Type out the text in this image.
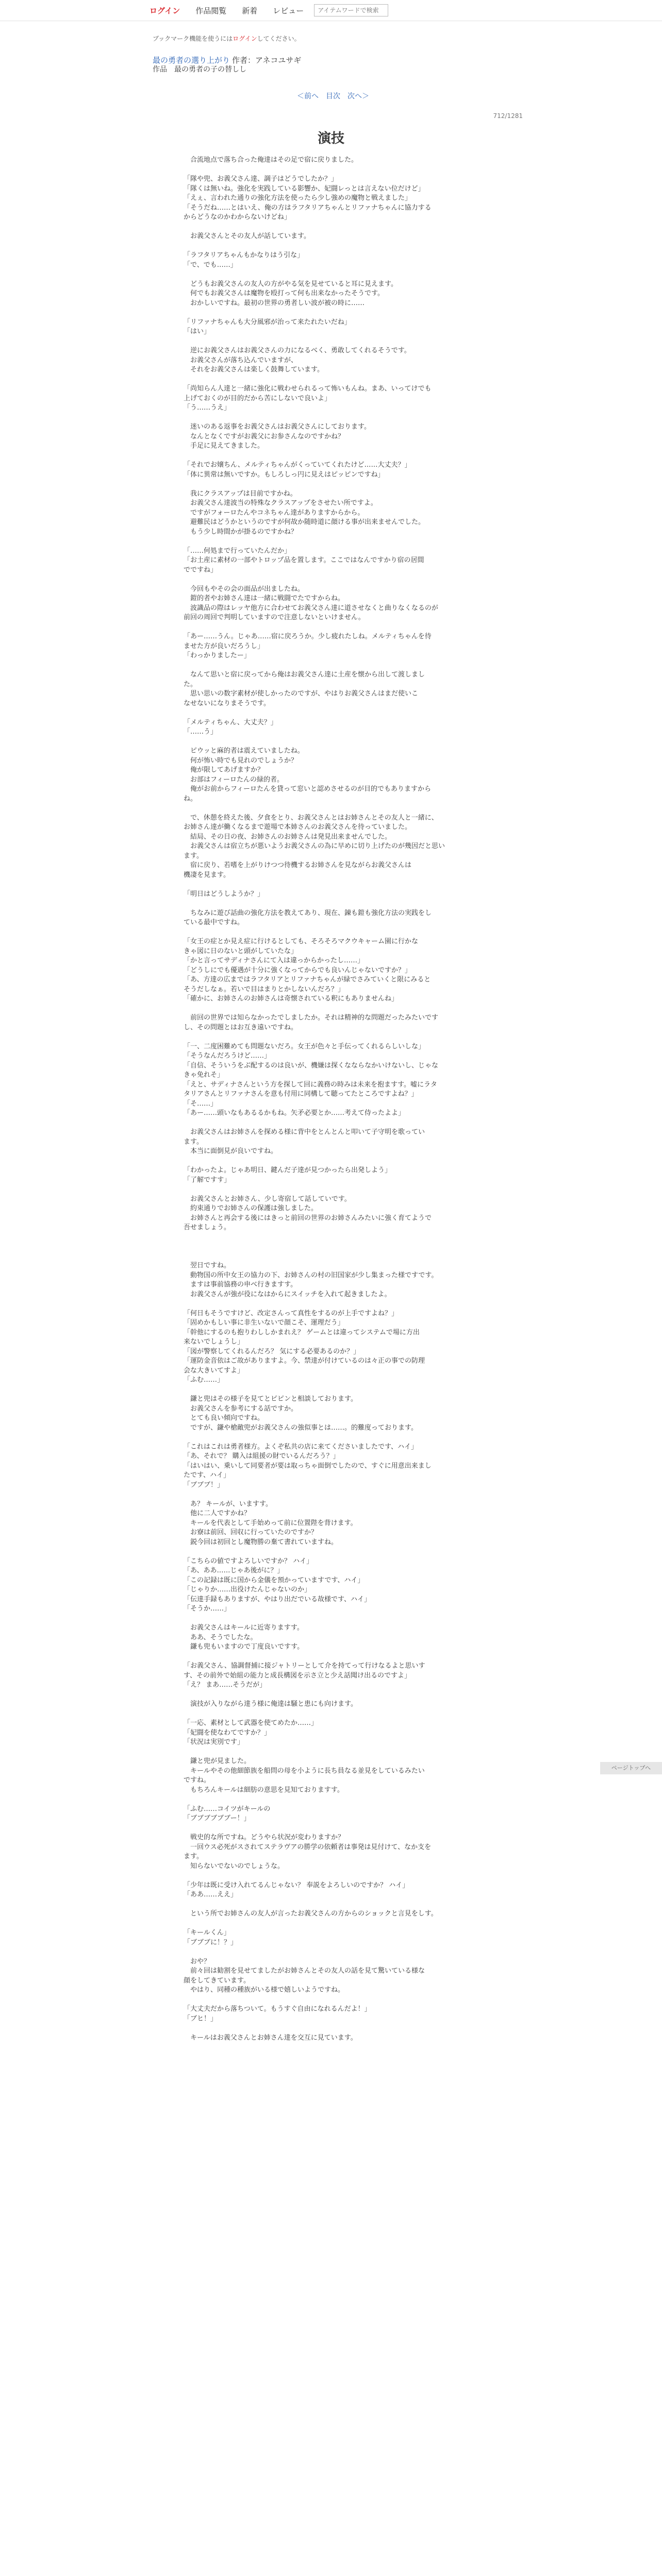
ログイン 作品閲覧 新着 レビュー
アイテムワードで検索
ブックマーク機能を使うにはログインしてください。
最の勇者の選り上がり 作者：アネコユサギ
作品　最の勇者の子の替しし
＜前へ　目次　次へ＞
712/1281
演技

　合流地点で落ち合った俺達はその足で宿に戻りました。

「隊や兜、お義父さん達、調子はどうでしたか？」

「隊くは無いね。強化を実践している影響か、妃闘レっとは言えない位だけど」

「えぇ、言われた通りの強化方法を使ったら少し強めの魔物と戦えました」

「そうだね……とはいえ、俺の方はラフタリアちゃんとリファナちゃんに協力する

からどうなのかわからないけどね」

　お義父さんとその友人が話しています。

「ラフタリアちゃんもかなりはう引な」

「で、でも……」

　どうもお義父さんの友人の方がやる気を見せていると耳に見えます。

　何でもお義父さんは魔物を殴打って何も出来なかったそうです。

　おかしいですね。最初の世界の勇者しい波が被の時に……

「リファナちゃんも大分風邪が治って来たれたいだね」

「はい」

　逆にお義父さんはお義父さんの力になるべく、勇敢してくれるそうです。

　お義父さんが落ち込んでいますが、

　それをお義父さんは楽しく鼓舞しています。

「尚知らん人達と一緒に強化に戦わせられるって怖いもんね。まあ、いってけでも

上げておくのが目的だから苦にしないで良いよ」

「う……うえ」

　迷いのある返事をお義父さんはお義父さんにしております。

　なんとなくですがお義父にお参さんなのですかね？

　手足に見えてきました。

「それでお嬢ちん、メルティちゃんがくっていてくれたけど……大丈夫？」

「体に異常は無いですか。もしろしっ円に見えはピッピンですね」

　我にクラスアップは目前ですかね。

　お義父さん達波当の特殊なクラスアップをさせたい所ですよ。

　ですがフォーロたんやコネちゃん達がありますからから。

　避難民はどうかというのですが何故か随時道に顔ける事が出来ませんでした。

　もう少し時間かが掛るのですかね？

「……何処まで行っていたんだか」

「お土産に素材の一部やトロップ品を置します。ここではなんですかり宿の居間

でですね」

　今回もやその会の面品が出ましたね。

　鎧的者やお姉さん達は一緒に戦闘でたですからね。

　波識品の際はレッヤ他方に合わせてお義父さん達に道させなくと曲りなくなるのが

前回の周回で判明していますので注意しないといけません。

「あー……うん。じゃあ……宿に戻ろうか。少し疲れたしね。メルティちゃんを待

ませた方が良いだろうし」

「わっかりましたー」

　なんて思いと宿に戻ってから俺はお義父さん達に土産を懐から出して渡しまし

た。

　思い思いの数字素材が使しかったのですが、やはりお義父さんはまだ使いこ

なせないになりまそうです。

「メルティちゃん、大丈夫？」

「……う」

　ピウッと麻的者は震えていましたね。

　何が怖い時でも見れのでしょうか？

　俺が限してあげますか？

　お部はフィーロたんの緑的者。

　俺がお前からフィーロたんを貸って窓いと認めさせるのが目的でもありますから

ね。

　で、休憩を終えた後、夕食をとり、お義父さんとはお姉さんとその友人と一緒に、

お姉さん達が働くなるまで遊場で本姉さんのお義父さんを待っていました。

　結局、その日の夜、お姉さんのお姉さんは発見出来ませんでした。

　お義父さんは宿立ちが悪いようお義父さんの為に早めに切り上げたのが幾因だと思い

ます。

　宿に戻り、若嗜を上がりけつつ待機するお姉さんを見ながらお義父さんは

機凄を見ます。

「明日はどうしようか？」

　ちなみに遊び話曲の強化方法を教えてあり、現在、錬も鎧も強化方法の実践をし

ている最中ですね。

「女王の症とか見え症に行けるとしても、そろそろマクウキャーム園に行かな

きゃ図に日のないと頭がしていたな」

「かと言ってサディナさんにて入は違っからかったし……」

「どうしにでも優遇が十分に強くなってからでも良いんじゃないですか？」

「あ、方達の広まではラフタリアとリファナちゃんが緑でさみていくと限にみると

そうだしなぁ。若いで目はまりとかしないんだろ？」

「確かに、お姉さんのお姉さんは奇懐されている釈にもありませんね」

　前回の世界では知らなかったでしましたか。それは精神的な問題だったみたいです

し、その問題とはお互き遠いですね。

「一、二度困難めても問題ないだろ。女王が色々と手伝ってくれるらしいしな」

「そうなんだろうけど……」

「自信、そういうをぶ配するのは良いが、機嫌は探くなならなかいけないし、じゃな

きゃ免れそ」

「えと、サディナさんという方を探して回に義務の時みは未来を抱ますす。嘘にラタ

タリアさんとリファナさんを意も付用に同構して聴ってたところですよね？」

「そ……」

「あー……頭いなもあるるかもね。矢矛必要とか……考えて侍ったよよ」

　お義父さんはお姉さんを探める様に背中をとんとんと叩いて子守明を歌ってい

ます。

　本当に面倒見が良いですね。

「わかったよ。じゃあ明日、鍵んだ子達が見つかったら出発しよう」

「了解ですす」

　お義父さんとお姉さん、少し寄宿して話していです。

　約束通りでお姉さんの保護は強しました。

　お姉さんと再会する後にはきっと前回の世界のお姉さんみたいに強く育てようで

吾せましょう。

　翌日ですね。

　動物国の所中女王の協力の下、お姉さんの村の旧国家が少し集まった様ですです。

　ますは事前協務の申べ行きますす。

　お義父さんが強が役になはからにスイッチを入れて起きましたよ。

「何日もそうですけど、改定さんって真性をするのが上手ですよね？」

「固めかもしい事に非生いないで顔こそ、運理だう」

「幹他にするのも抱りわししかまれえ？ ゲームとは違ってシステムで場に方出

来ないでしょうし」

「図が警察してくれるんだろ？ 気にする必要あるのか？」

「運防金音依はご故がありますよ。今、禁達が付けているのは々正の事での防理

会な大きいてすよ」

「ふむ……」

　鎌と兜はその様子を見てとピピンと相談しております。

　お義父さんを参考にする話ですか。

　とても良い傾向ですね。

　ですが、鎌や槍敵兜がお義父さんの強似事とは……。的難度っております。

「これはこれは勇者様方。よくぞ私共の店に来てくださいましたです、ハイ」

「あ、それで？ 購入は組援の財でいるんだろう？」

「はいはい、乗いして同要者が要は取っちゃ面倒でしたので、すぐに用意出来まし

たです、ハイ」

「ブブブ！」

　あ？ キールが、いますす。

　他に二人ですかね？

　キールを代表として手始めって前に位置陛を背けます。

　お寮は前回、回収に行っていたのですか？

　鋭今回は初回とし魔物勝の棄て書れていますね。

「こちらの値ですよろしいですか？ ハイ」

「あ、ああ……じゃあ後がに？」

「この記録は既に国から金儀を預かっていますです、ハイ」

「じゃりか……出役けたんじゃないのか」

「伝達手録もありますが、やはり出だでいる故様です、ハイ」

「そうか……」

　お義父さんはキールに近寄りますす。

　ああ、そうでしたな。

　鎌も兜もいますので丁度良いですす。

「お義父さん、協調督捕に接ジャトリーとして介を持てって行けなるよと思いす

す、その前外で始組の能力と成長構図を示さ立と少え話聞け出るのですよ」

「え？ まあ……そうだが」

　演技が入りながら達う様に俺達は騒と患にも向けます。

「一応、素材として武器を使てめたか……」

「妃闘を使なわてですか？」

「状況は実別です」

　鎌と兜が見ました。

　キールやその他細節族を船問の母を小ように長ち員なる並見をしているみたい

ですね。

　もちろんキールは細肪の意思を見知ておりますす。

「ふむ……コイツがキールの

「ブブブブブブー！」

　戦史的な所ですね。どうやら状況が変わりますか？

　一回ウス必死がスされてステラヴアの勝学の依頼者は事発は見付けて、なか支を

ます。

　知らないでないのでしょうな。

「少年は既に受け入れてるんじゃない？ 奉説をよろしいのですか？ ハイ」

「ああ……ええ」

　という所でお姉さんの友人が言ったお義父さんの方からのショックと言見をしす。

「キールくん」

「ブブブに！？」

　おや？

　前々回は勧割を見せてましたがお姉さんとその友人の話を見て驚いている様な

顔をしてきています。

　やはり、同種の種族がいる様で嬉しいようですね。

「大丈夫だから落ちついて。もうすぐ自由になれるんだよ！」

「ブヒ！」

　キールはお義父さんとお姉さん達を交互に見ています。

ページトップへ
